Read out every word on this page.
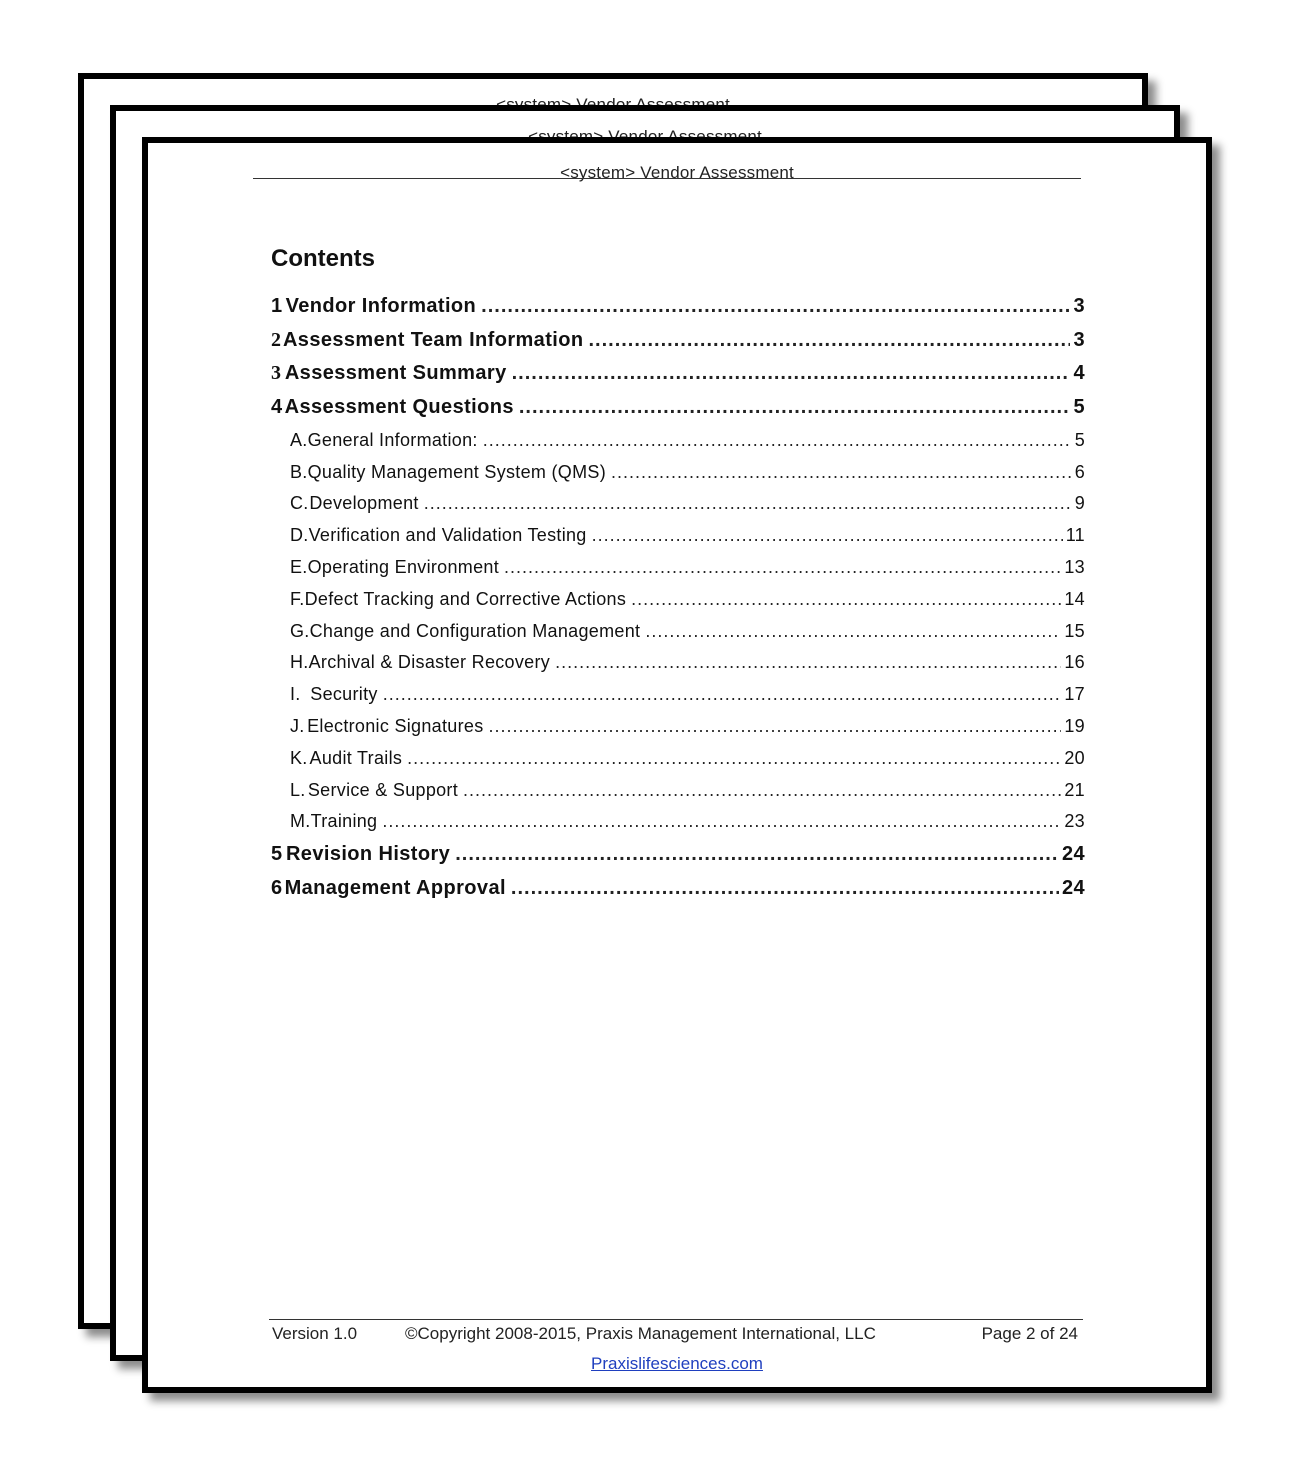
<system> Vendor Assessment
Contents
1 Vendor Information .....	3
2 Assessment Team Information .....	3
3 Assessment Summary .....	4
4 Assessment Questions .....	5
A. General Information: .....	5
B. Quality Management System (QMS) .....	6
C. Development .....	9
D. Verification and Validation Testing .....	11
E. Operating Environment .....	13
F. Defect Tracking and Corrective Actions .....	14
G. Change and Configuration Management .....	15
H. Archival & Disaster Recovery .....	16
I. Security .....	17
J. Electronic Signatures .....	19
K. Audit Trails .....	20
L. Service & Support .....	21
M. Training .....	23
5 Revision History .....	24
6 Management Approval .....	24
Version 1.0	©Copyright 2008-2015, Praxis Management International, LLC	Page 2 of 24
Praxislifesciences.com
